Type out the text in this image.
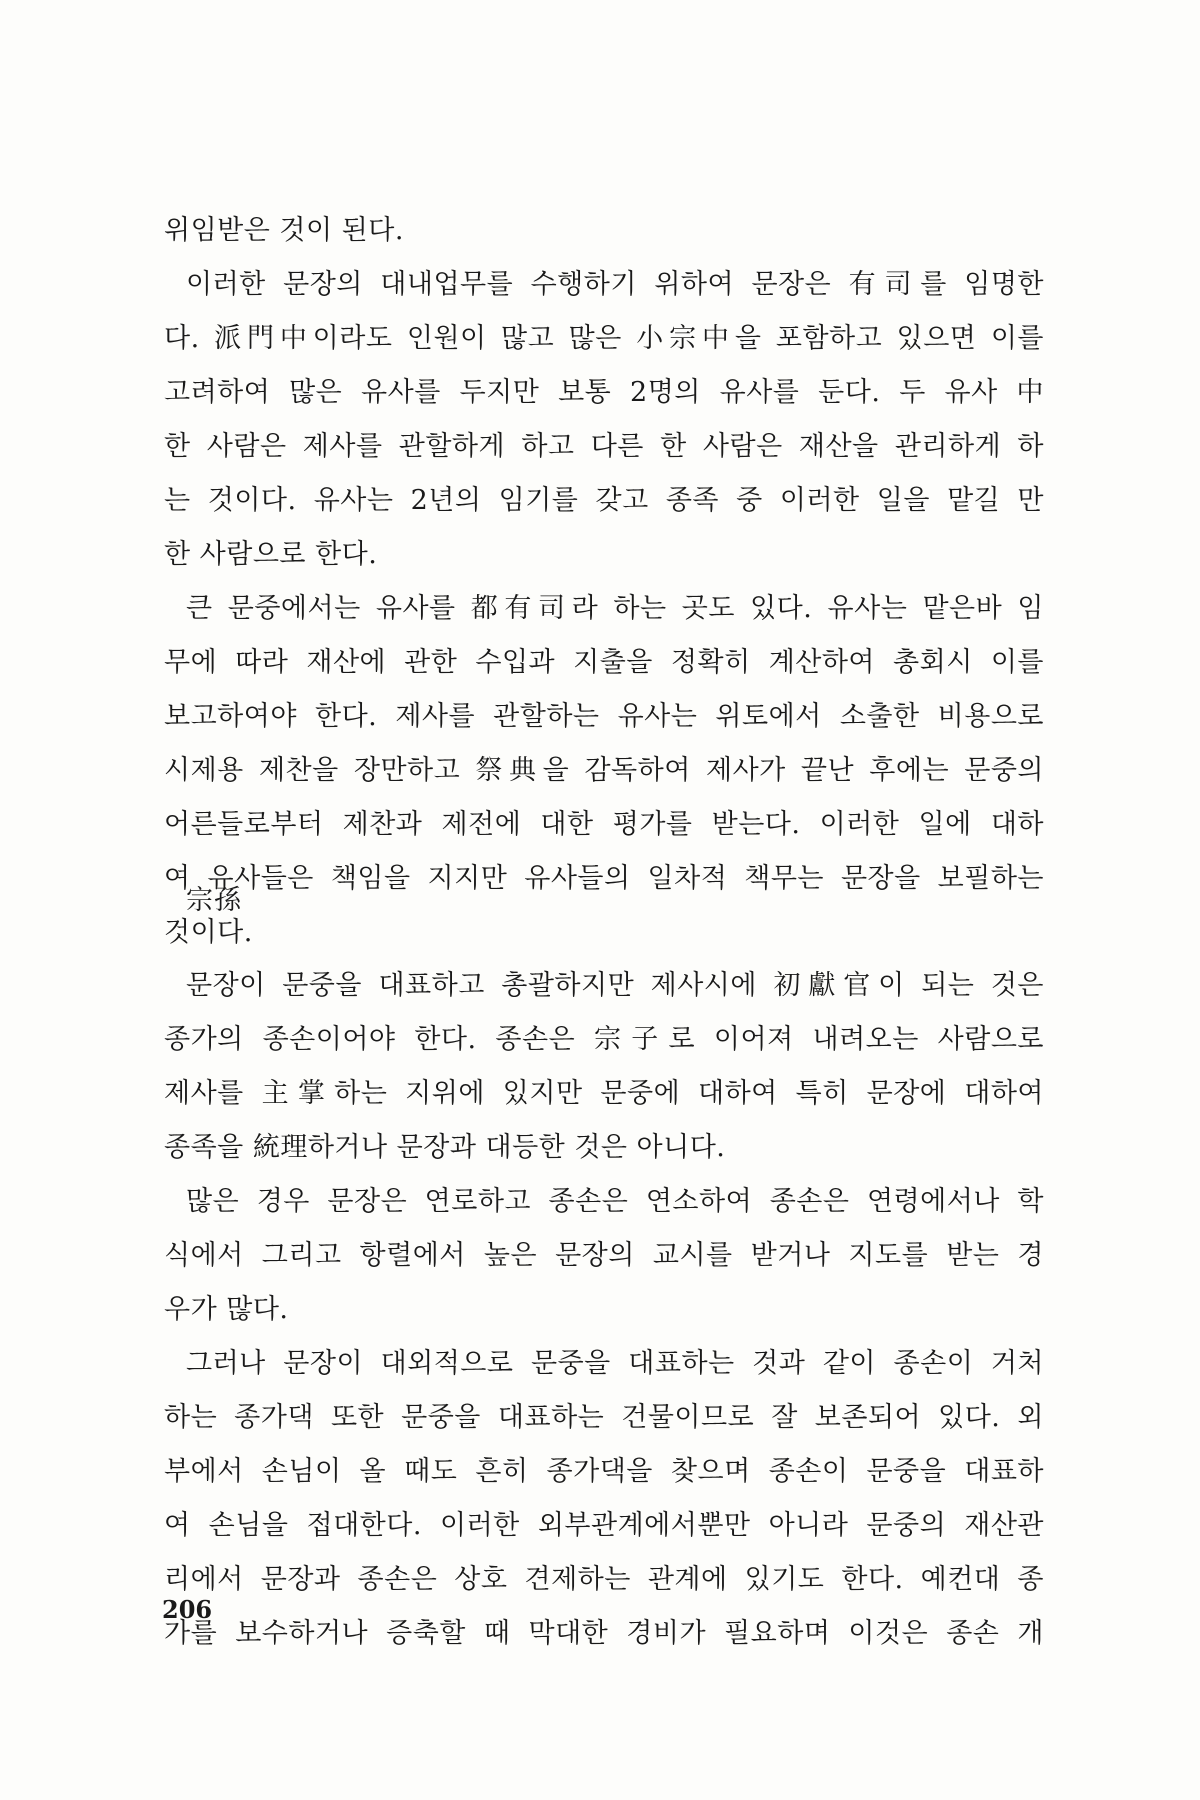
위임받은 것이 된다.
이러한 문장의 대내업무를 수행하기 위하여 문장은 有司를 임명한
다. 派門中이라도 인원이 많고 많은 小宗中을 포함하고 있으면 이를
고려하여 많은 유사를 두지만 보통 2명의 유사를 둔다. 두 유사 中
한 사람은 제사를 관할하게 하고 다른 한 사람은 재산을 관리하게 하
는 것이다. 유사는 2년의 임기를 갖고 종족 중 이러한 일을 맡길 만
한 사람으로 한다.
큰 문중에서는 유사를 都有司라 하는 곳도 있다. 유사는 맡은바 임
무에 따라 재산에 관한 수입과 지출을 정확히 계산하여 총회시 이를
보고하여야 한다. 제사를 관할하는 유사는 위토에서 소출한 비용으로
시제용 제찬을 장만하고 祭典을 감독하여 제사가 끝난 후에는 문중의
어른들로부터 제찬과 제전에 대한 평가를 받는다. 이러한 일에 대하
여 유사들은 책임을 지지만 유사들의 일차적 책무는 문장을 보필하는
것이다.
宗孫
문장이 문중을 대표하고 총괄하지만 제사시에 初獻官이 되는 것은
종가의 종손이어야 한다. 종손은 宗子로 이어져 내려오는 사람으로
제사를 主掌하는 지위에 있지만 문중에 대하여 특히 문장에 대하여
종족을 統理하거나 문장과 대등한 것은 아니다.
많은 경우 문장은 연로하고 종손은 연소하여 종손은 연령에서나 학
식에서 그리고 항렬에서 높은 문장의 교시를 받거나 지도를 받는 경
우가 많다.
그러나 문장이 대외적으로 문중을 대표하는 것과 같이 종손이 거처
하는 종가댁 또한 문중을 대표하는 건물이므로 잘 보존되어 있다. 외
부에서 손님이 올 때도 흔히 종가댁을 찾으며 종손이 문중을 대표하
여 손님을 접대한다. 이러한 외부관계에서뿐만 아니라 문중의 재산관
리에서 문장과 종손은 상호 견제하는 관계에 있기도 한다. 예컨대 종
가를 보수하거나 증축할 때 막대한 경비가 필요하며 이것은 종손 개
206
